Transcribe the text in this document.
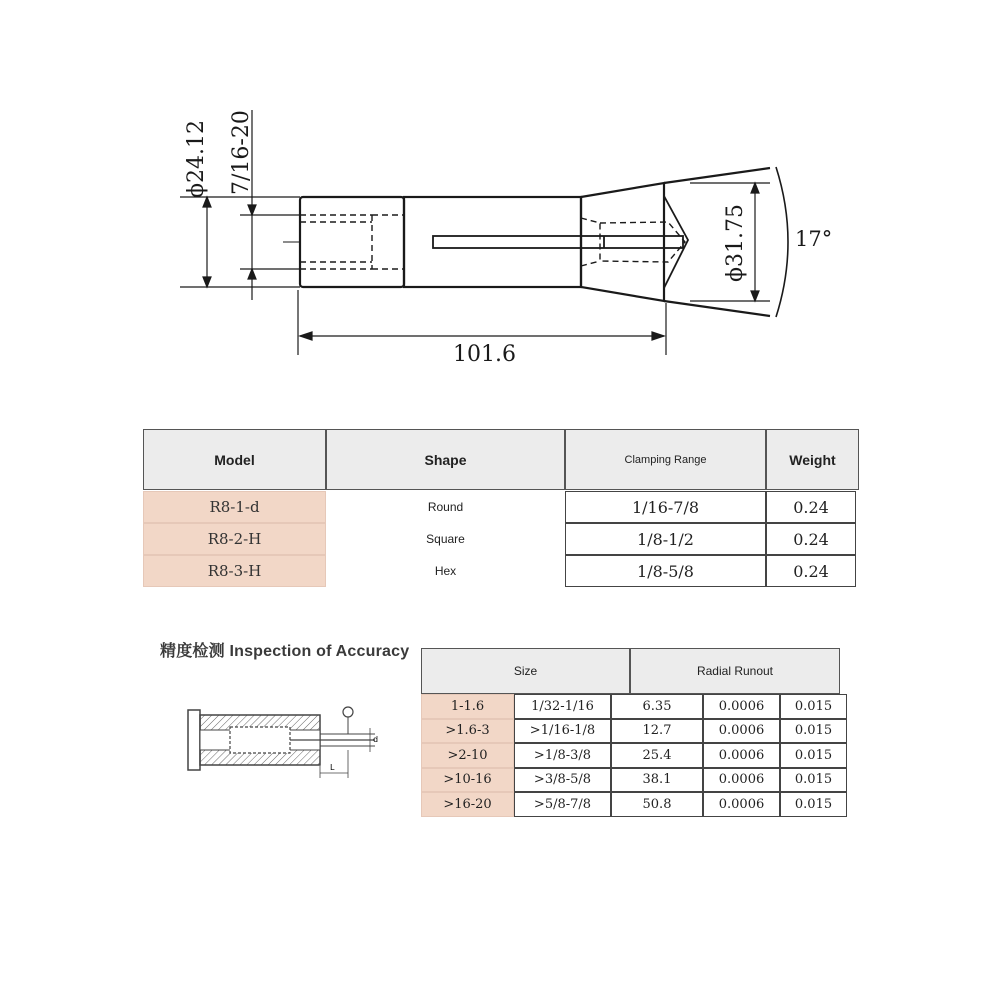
ϕ24.12 7/16-20
101.6
ϕ31.75 17°
Model	Shape	Clamping Range	Weight
R8-1-d	Round	1/16-7/8	0.24
R8-2-H	Square	1/8-1/2	0.24
R8-3-H	Hex	1/8-5/8	0.24
精度检测 Inspection of Accuracy
L
d
Size	Radial Runout
1-1.6	1/32-1/16	6.35	0.0006	0.015
>1.6-3	>1/16-1/8	12.7	0.0006	0.015
>2-10	>1/8-3/8	25.4	0.0006	0.015
>10-16	>3/8-5/8	38.1	0.0006	0.015
>16-20	>5/8-7/8	50.8	0.0006	0.015
